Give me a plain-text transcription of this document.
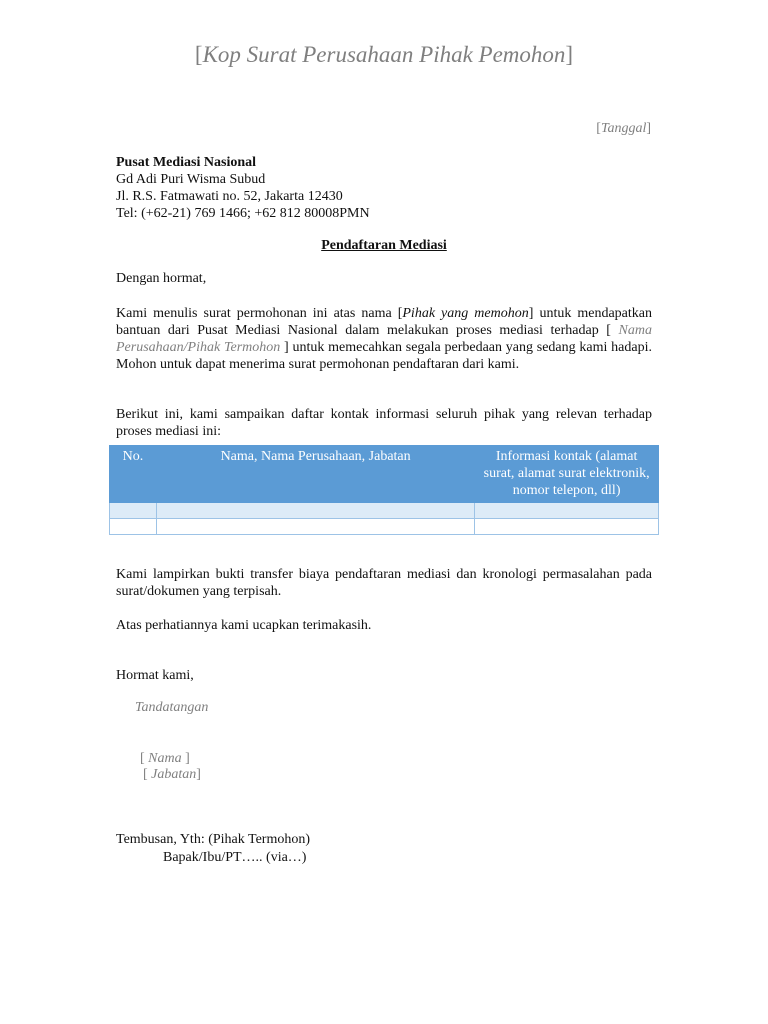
[Kop Surat Perusahaan Pihak Pemohon]
[Tanggal]
Pusat Mediasi Nasional
Gd Adi Puri Wisma Subud
Jl. R.S. Fatmawati no. 52, Jakarta 12430
Tel: (+62-21) 769 1466; +62 812 80008PMN
Pendaftaran Mediasi
Dengan hormat,
Kami menulis surat permohonan ini atas nama [Pihak yang memohon] untuk mendapatkan bantuan dari Pusat Mediasi Nasional dalam melakukan proses mediasi terhadap [ Nama Perusahaan/Pihak Termohon ] untuk memecahkan segala perbedaan yang sedang kami hadapi. Mohon untuk dapat menerima surat permohonan pendaftaran dari kami.
Berikut ini, kami sampaikan daftar kontak informasi seluruh pihak yang relevan terhadap proses mediasi ini:
No.	Nama, Nama Perusahaan, Jabatan	Informasi kontak (alamat surat, alamat surat elektronik, nomor telepon, dll)

Kami lampirkan bukti transfer biaya pendaftaran mediasi dan kronologi permasalahan pada surat/dokumen yang terpisah.
Atas perhatiannya kami ucapkan terimakasih.
Hormat kami,
Tandatangan
[ Nama ]
[ Jabatan]
Tembusan, Yth: (Pihak Termohon)
Bapak/Ibu/PT….. (via…)
